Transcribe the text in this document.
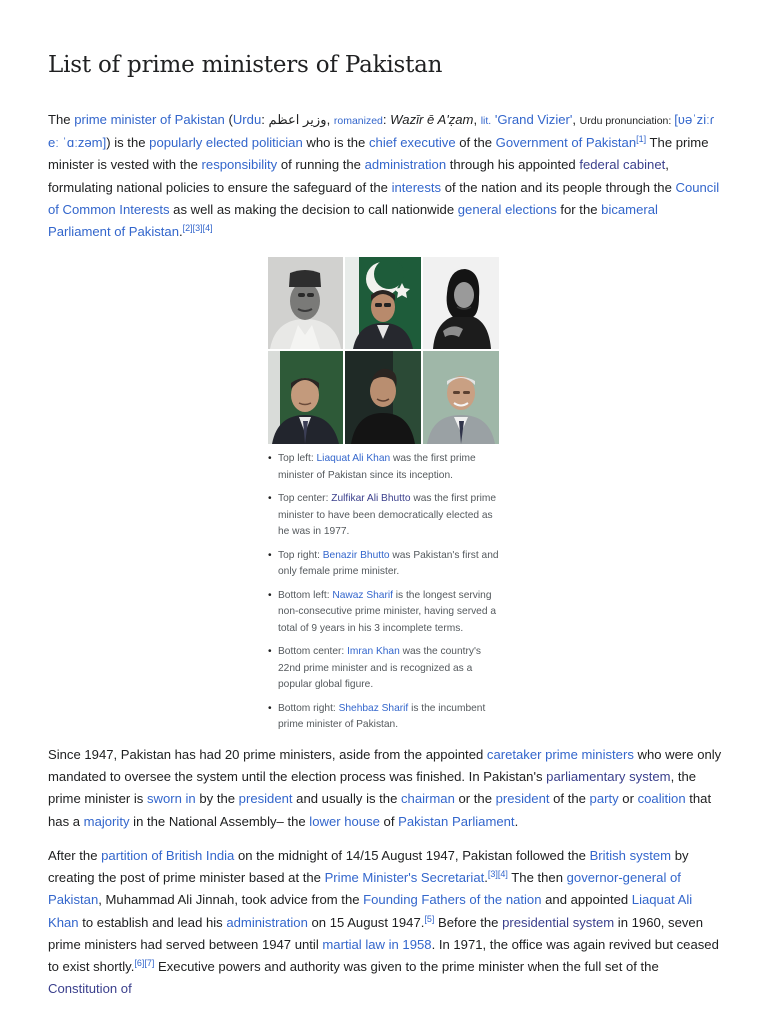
List of prime ministers of Pakistan

The prime minister of Pakistan (Urdu: وزیر اعظم, romanized: Wazīr ē A'ẓam, lit. 'Grand Vizier', Urdu pronunciation: [ʋəˈziːɾ eː ˈɑːzəm]) is the popularly elected politician who is the chief executive of the Government of Pakistan[1] The prime minister is vested with the responsibility of running the administration through his appointed federal cabinet, formulating national policies to ensure the safeguard of the interests of the nation and its people through the Council of Common Interests as well as making the decision to call nationwide general elections for the bicameral Parliament of Pakistan.[2][3][4]

• Top left: Liaquat Ali Khan was the first prime minister of Pakistan since its inception.
• Top center: Zulfikar Ali Bhutto was the first prime minister to have been democratically elected as he was in 1977.
• Top right: Benazir Bhutto was Pakistan's first and only female prime minister.
• Bottom left: Nawaz Sharif is the longest serving non-consecutive prime minister, having served a total of 9 years in his 3 incomplete terms.
• Bottom center: Imran Khan was the country's 22nd prime minister and is recognized as a popular global figure.
• Bottom right: Shehbaz Sharif is the incumbent prime minister of Pakistan.

Since 1947, Pakistan has had 20 prime ministers, aside from the appointed caretaker prime ministers who were only mandated to oversee the system until the election process was finished. In Pakistan's parliamentary system, the prime minister is sworn in by the president and usually is the chairman or the president of the party or coalition that has a majority in the National Assembly– the lower house of Pakistan Parliament.

After the partition of British India on the midnight of 14/15 August 1947, Pakistan followed the British system by creating the post of prime minister based at the Prime Minister's Secretariat.[3][4] The then governor-general of Pakistan, Muhammad Ali Jinnah, took advice from the Founding Fathers of the nation and appointed Liaquat Ali Khan to establish and lead his administration on 15 August 1947.[5] Before the presidential system in 1960, seven prime ministers had served between 1947 until martial law in 1958. In 1971, the office was again revived but ceased to exist shortly.[6][7] Executive powers and authority was given to the prime minister when the full set of the Constitution of
